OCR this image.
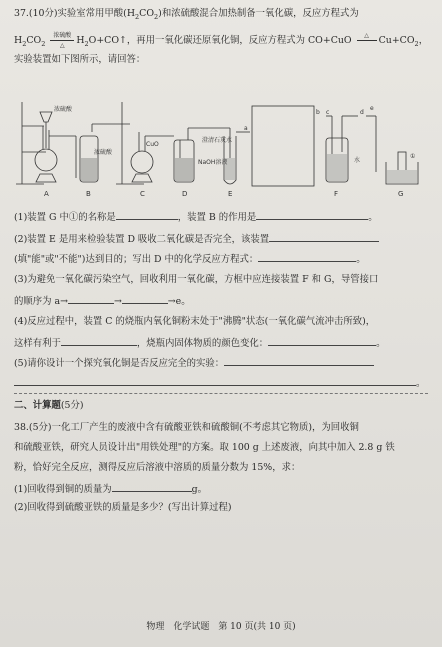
37.(10分)实验室常用甲酸$(H_2CO_2)$和浓硫酸混合加热制备一氧化碳，反应方程式为
$H_2CO_2$
浓硫酸
△	$H_2O+CO↑$，再用一氧化碳还原氧化铜，反应方程式为 CO+CuO	△
	$Cu+CO_2$，
实验装置如下图所示，请回答：
浓硫酸
CuO
澄清石灰水
NaOH溶液
浓硫酸
水
①
a
b c	d
e
A	B	C	D	E	F	G
(1)装置 G 中①的名称是	，装置 B 的作用是	。
(2)装置 E 是用来检验装置 D 吸收二氧化碳是否完全，该装置
(填"能"或"不能")达到目的；写出 D 中的化学反应方程式：	。
(3)为避免一氧化碳污染空气，回收利用一氧化碳，方框中应连接装置 F 和 G，导管接口
的顺序为 a→	→	→e。
(4)反应过程中，装置 C 的烧瓶内氧化铜粉末处于"沸腾"状态(一氧化碳气流冲击所致)，
这样有利于	，烧瓶内固体物质的颜色变化：	。
(5)请你设计一个探究氧化铜是否反应完全的实验：
。
二、计算题(5分)
38.(5分)一化工厂产生的废液中含有硫酸亚铁和硫酸铜(不考虑其它物质)，为回收铜
和硫酸亚铁，研究人员设计出"用铁处理"的方案。取 100 g 上述废液，向其中加入 2.8 g 铁
粉，恰好完全反应，测得反应后溶液中溶质的质量分数为 15%，求：
(1)回收得到铜的质量为	g。
(2)回收得到硫酸亚铁的质量是多少？(写出计算过程)
物理　化学试题　第 10 页(共 10 页)
